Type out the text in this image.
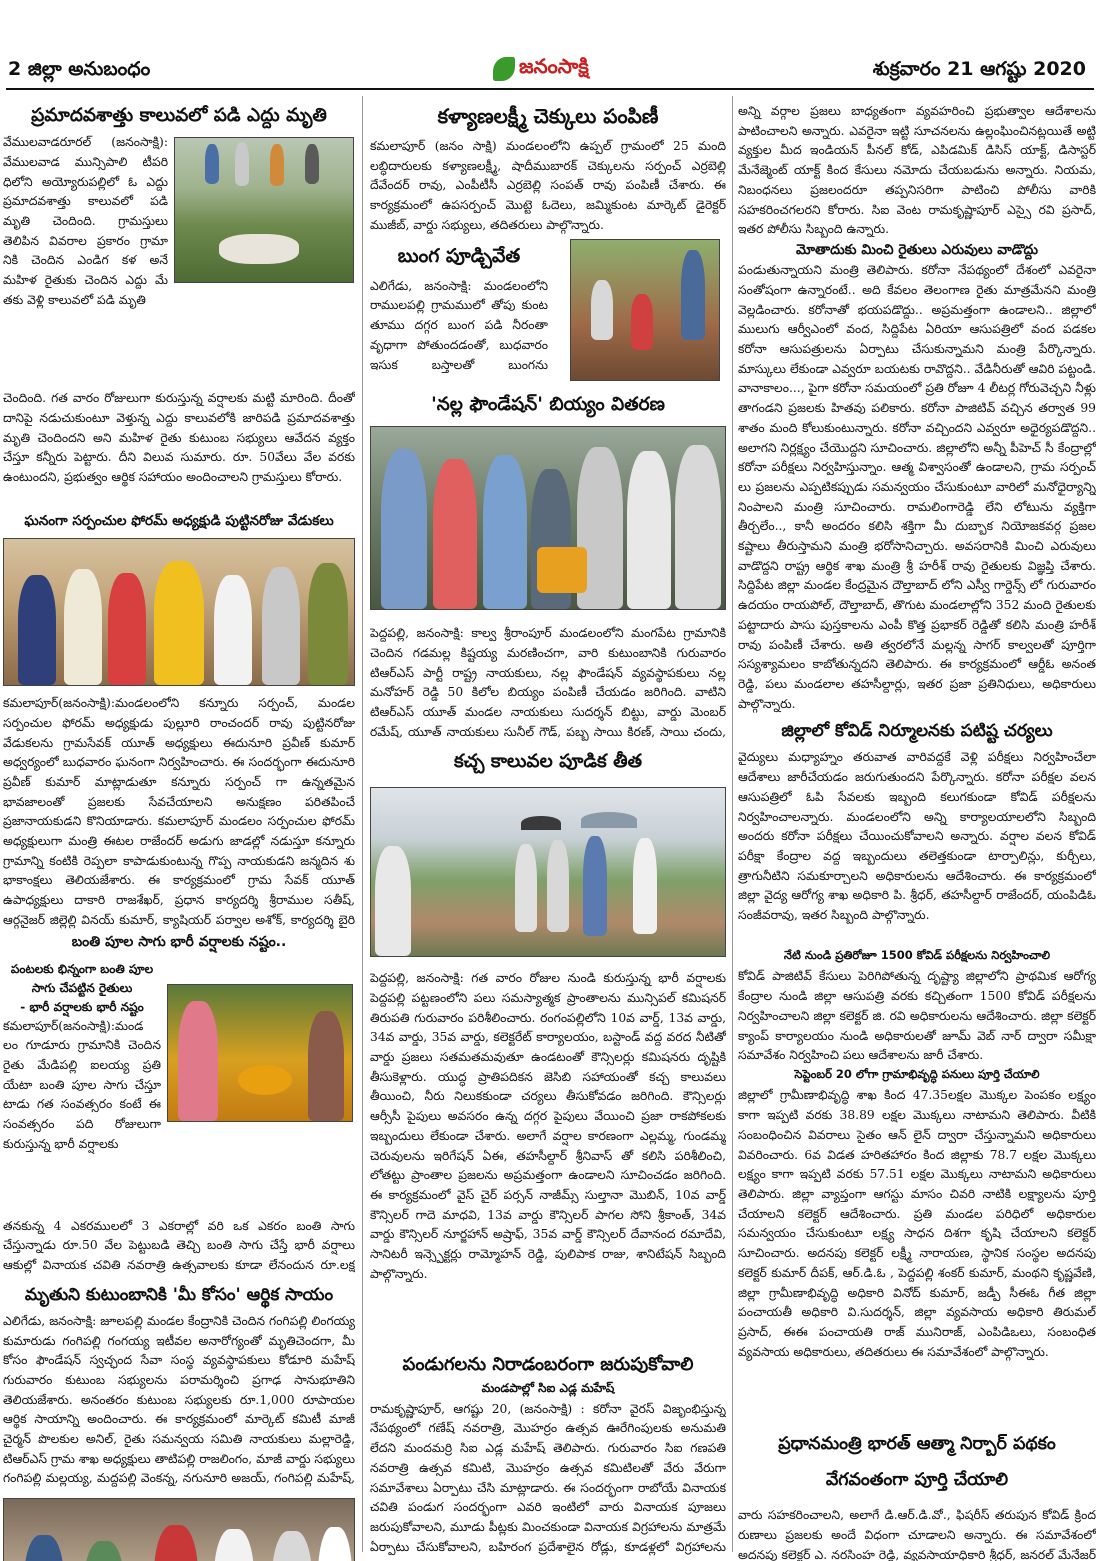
2 జిల్లా అనుబంధం	జనంసాక్షి	శుక్రవారం 21 ఆగష్టు 2020
ప్రమాదవశాత్తు కాలువలో పడి ఎద్దు మృతి

వేములవాడరూరల్ (జనంసాక్షి): వేములవాడ మున్సిపాలి టీపరి ధిలోని అయ్యోరుపల్లిలో ఓ ఎద్దు ప్రమాదవశాత్తు కాలువలో పడి మృతి చెందింది. గ్రామస్తులు తెలిపిన వివరాల ప్రకారం గ్రామా నికి చెందిన ఎండిగ కళ అనే మహిళ రైతుకు చెందిన ఎద్దు మే తకు వెళ్లి కాలువలో పడి మృతి

చెందింది. గత వారం రోజులుగా కురుస్తున్న వర్షాలకు మట్టి మారింది. దీంతో దానిపై నడుచుకుంటూ వెళ్తున్న ఎద్దు కాలువలోకి జారిపడి ప్రమాదవశాత్తు మృతి చెందిందని అని మహిళ రైతు కుటుంబ సభ్యులు ఆవేదన వ్యక్తం చేస్తూ కన్నీరు పెట్టారు. దీని విలువ సుమారు. రూ. 50వేలు వేల వరకు ఉంటుందని, ప్రభుత్వం ఆర్థిక సహాయం అందించాలని గ్రామస్తులు కోరారు.

ఘనంగా సర్పంచుల ఫోరమ్ అధ్యక్షుడి పుట్టినరోజు వేడుకలు

కమలాపూర్(జనంసాక్షి):మండలంలోని కన్నూరు సర్పంచ్, మండల సర్పంచుల ఫోరమ్ అధ్యక్షుడు పుల్లూరి రాంచందర్ రావు పుట్టినరోజు వేడుకలను గ్రామసేవక్ యూత్ అధ్యక్షులు ఈదునూరి ప్రవీణ్ కుమార్ అధ్వర్యంలో బుధవారం ఘనంగా నిర్వహించారు. ఈ సందర్భంగా ఈదునూరి ప్రవీణ్ కుమార్ మాట్లాడుతూ కన్నూరు సర్పంచ్ గా ఉన్నతమైన భావజాలంతో ప్రజలకు సేవచేయాలని అనుక్షణం పరితపించే ప్రజానాయకుడని కొనియాడారు. కమలాపూర్ మండలం సర్పంచుల ఫోరమ్ అధ్యక్షులుగా మంత్రి ఈటల రాజేందర్ అడుగు జాడల్లో నడుస్తూ కన్నూరు గ్రామాన్ని కంటికి రెప్పలా కాపాడుకుంటున్న గొప్ప నాయకుడని జన్మదిన శు భాకాంక్షలు తెలియజేశారు. ఈ కార్యక్రమంలో గ్రామ సేవక్ యూత్ ఉపాధ్యక్షులు దాకారి రాజశేఖర్, ప్రధాన కార్యదర్శి శ్రీరాముల సతీష్, ఆర్గనైజర్ జిల్లెల్లి వినయ్ కుమార్, క్యాషియర్ పర్వాల అశోక్, కార్యదర్శి బైరి

బంతి పూల సాగు భారీ వర్షాలకు నష్టం..
పంటలకు భిన్నంగా బంతి పూల సాగు చేపట్టిన రైతులు
- భారీ వర్షాలకు భారీ నష్టం

కమలాపూర్(జనంసాక్షి):మండ లం గూడూరు గ్రామానికి చెందిన రైతు మేడిపల్లి ఐలయ్య ప్రతి యేటా బంతి పూల సాగు చేస్తూ టాడు గత సంవత్సరం కంటే ఈ సంవత్సరం పది రోజులుగా కురుస్తున్న భారీ వర్షాలకు

తనకున్న 4 ఎకరములలో 3 ఎకరాల్లో వరి ఒక ఎకరం బంతి సాగు చేస్తున్నాడు రూ.50 వేల పెట్టుబడి తెచ్చి బంతి సాగు చేస్తే భారీ వర్షాలు ఆకుల్లో వినాయక చవితి నవరాత్రి ఉత్సవాలకు కూడా లేనందున రూ.లక్ష

మృతుని కుటుంబానికి 'మీ కోసం' ఆర్థిక సాయం

ఎలిగేడు, జనంసాక్షి: జూలపల్లి మండల కేంద్రానికి చెందిన గంగిపల్లి లింగయ్య కుమారుడు గంగిపల్లి గంగయ్య ఇటీవల అనారోగ్యంతో మృతిచెందగా, మీ కోసం ఫౌండేషన్ స్వచ్ఛంద సేవా సంస్థ వ్యవస్థాపకులు కోడూరి మహేష్ గురువారం కుటుంబ సభ్యులను పరామర్శించి ప్రగాఢ సానుభూతిని తెలియజేశారు. అనంతరం కుటుంబ సభ్యులకు రూ.1,000 రూపాయల ఆర్థిక సాయాన్ని అందించారు. ఈ కార్యక్రమంలో మార్కెట్ కమిటీ మాజీ చైర్మన్ పొలకుల అనిల్, రైతు సమన్వయ సమితి నాయకులు మల్లారెడ్డి, టిఆర్ఎస్ గ్రామ శాఖ అధ్యక్షులు తాటిపల్లి రాజలింగం, మాజీ వార్డు సభ్యులు గంగిపల్లి మల్లయ్య, మద్దపల్లి వెంకన్న, నగునూరి అజయ్, గంగిపల్లి మహేష్,

కళ్యాణలక్ష్మీ చెక్కులు పంపిణీ

కమలాపూర్ (జనం సాక్షి) మండలంలోని ఉప్పల్ గ్రామంలో 25 మంది లబ్ధిదారులకు కళ్యాణలక్ష్మీ, షాదీముబారక్ చెక్కులను సర్పంచ్ ఎర్రబెల్లి దేవేందర్ రావు, ఎంపీటీసీ ఎర్రబెల్లి సంపత్ రావు పంపిణీ చేశారు. ఈ కార్యక్రమంలో ఉపసర్పంచ్ మొట్టె ఓదెలు, జమ్మికుంట మార్కెట్ డైరెక్టర్ ముజీబ్, వార్డు సభ్యులు, తదితరులు పాల్గొన్నారు.

బుంగ పూడ్చివేత

ఎలిగేడు, జనంసాక్షి: మండలంలోని రాములపల్లి గ్రామములో తోపు కుంట తూము దగ్గర బుంగ పడి నీరంతా వృధాగా పోతుందడంతో, బుధవారం ఇసుక బస్తాలతో బుంగను

'నల్ల ఫౌండేషన్' బియ్యం వితరణ

పెద్దపల్లి, జనంసాక్షి: కాల్వ శ్రీరాంపూర్ మండలంలోని మంగపేట గ్రామానికి చెందిన గడమల్ల కిష్టయ్య మరణించగా, వారి కుటుంబానికి గురువారం టిఆర్ఎస్ పార్టీ రాష్ట్ర నాయకులు, నల్ల ఫౌండేషన్ వ్యవస్థాపకులు నల్ల మనోహర్ రెడ్డి 50 కిలోల బియ్యం పంపిణీ చేయడం జరిగింది. వాటిని టిఆర్ఎస్ యూత్ మండల నాయకులు సుదర్శన్ బిట్టు, వార్డు మెంబర్ రమేష్, యూత్ నాయకులు సునీల్ గౌడ్, పబ్బ సాయి కిరణ్, సాయి చందు,

కచ్చ కాలువల పూడిక తీత

పెద్దపల్లి, జనంసాక్షి: గత వారం రోజుల నుండి కురుస్తున్న భారీ వర్షాలకు పెద్దపల్లి పట్టణంలోని పలు సమస్యాత్మక ప్రాంతాలను మున్సిపల్ కమిషనర్ తిరుపతి గురువారం పరిశీలించారు. రంగంపల్లిలోని 10వ వార్డ్, 13వ వార్డు, 34వ వార్డు, 35వ వార్డు, కలెక్టరేట్ కార్యాలయం, బస్టాండ్ వద్ద వరద నీటితో వార్డు ప్రజలు సతమతమవుతూ ఉండటంతో కౌన్సిలర్లు కమిషనరు దృష్టికి తీసుకెళ్లారు. యుద్ధ ప్రాతిపదికన జెసిబి సహాయంతో కచ్చ కాలువలు తీయించి, నీరు నిలుకకుండా చర్యలు తీసుకోవడం జరిగింది. కౌన్సిలర్లు ఆర్సీసీ పైపులు అవసరం ఉన్న దగ్గర పైపులు వేయించి ప్రజా రాకపోకలకు ఇబ్బందులు లేకుండా చేశారు. అలాగే వర్షాల కారణంగా ఎల్లమ్మ, గుండమ్మ చెరువులను ఇరిగేషన్ ఏఈ, తహసీల్దార్ శ్రీనివాస్ తో కలిసి పరిశీలించి, లోతట్టు ప్రాంతాల ప్రజలను అప్రమత్తంగా ఉండాలని సూచించడం జరిగింది. ఈ కార్యక్రమంలో వైస్ చైర్ పర్సన్ నాజీమ్స్ సుల్తానా మొబిన్, 10వ వార్డ్ కౌన్సిలర్ గాదె మాధవి, 13వ వార్డు కౌన్సిలర్ పాగల సోని శ్రీకాంత్, 34వ వార్డు కౌన్సిలర్ నూర్జహాన్ అష్రాఫ్, 35వ వార్డ్ కౌన్సిలర్ దేవానంద రమాదేవి, సానిటరీ ఇన్స్పెక్టర్లు రామ్మోహన్ రెడ్డి, పులిపాక రాజు, శానిటేషన్ సిబ్బంది పాల్గొన్నారు.

పండుగలను నిరాడంబరంగా జరుపుకోవాలి
మండపాల్లో సిఐ ఎడ్ల మహేష్

రామకృష్ణాపూర్, ఆగష్టు 20, (జనంసాక్షి) : కరోనా వైరస్ విజృంభిస్తున్న నేపథ్యంలో గణేష్ నవరాత్రి, మొహర్రం ఉత్సవ ఊరేగింపులకు అనుమతి లేదని మందమర్రి సిఐ ఎడ్ల మహేష్ తెలిపారు. గురువారం సిఐ గణపతి నవరాత్రి ఉత్సవ కమిటి, మొహర్రం ఉత్సవ కమిటిలతో వేరు వేరుగా సమావేశాలు ఏర్పాటు చేసి మాట్లాడారు. ఈ సందర్భంగా రాబోయే వినాయక చవితి పండుగ సందర్భంగా ఎవరి ఇంటిలో వారు వినాయక పూజలు జరుపుకోవాలని, మూడు పీట్లకు మించకుండా వినాయక విగ్రహాలను మాత్రమే ఏర్పాటు చేసుకోవాలని, బహిరంగ ప్రదేశాలైన రోడ్లు, కూడళ్లలో విగ్రహాలను

అన్ని వర్గాల ప్రజలు బాధ్యతంగా వ్యవహరించి ప్రభుత్వాల ఆదేశాలను పాటించాలని అన్నారు. ఎవరైనా ఇట్టి సూచనలను ఉల్లంఘించినట్లయితే అట్టి వ్యక్తుల మీద ఇండియన్ పీనల్ కోడ్, ఎపిడమిక్ డిసిస్ యాక్ట్, డిసాస్టర్ మేనేజ్మెంట్ యాక్ట్ కింద కేసులు నమోదు చేయబడును అన్నారు. నియమ, నిబంధనలు ప్రజలందరూ తప్పనిసరిగా పాటించి పోలీసు వారికి సహకరించగలరని కోరారు. సిఐ వెంట రామకృష్ణాపూర్ ఎస్సై రవి ప్రసాద్, ఇతర పోలీసు సిబ్బంది ఉన్నారు.

మోతాదుకు మించి రైతులు ఎరువులు వాడొద్దు

పండుతున్నాయని మంత్రి తెలిపారు. కరోనా నేపథ్యంలో దేశంలో ఎవరైనా సంతోషంగా ఉన్నారంటే.. అది కేవలం తెలంగాణ రైతు మాత్రమేనని మంత్రి వెల్లడించారు. కరోనాతో భయపడొద్దు.. అప్రమత్తంగా ఉండాలని.. జిల్లాలో ములుగు ఆర్వీఎంలో వంద, సిద్దిపేట ఏరియా ఆసుపత్రిలో వంద పడకల కరోనా ఆసుపత్రులను ఏర్పాటు చేసుకున్నామని మంత్రి పేర్కొన్నారు. మాస్కులు లేకుండా ఎవ్వరూ బయటకు రావొద్దని.. వేడినీరుతో ఆవిరి పట్టండి. వానాకాలం..., పైగా కరోనా సమయంలో ప్రతి రోజూ 4 లీటర్ల గోరువెచ్చని నీళ్లు తాగండని ప్రజలకు హితవు పలికారు. కరోనా పాజిటివ్ వచ్చిన తర్వాత 99 శాతం మంది కోలుకుంటున్నారు. కరోనా వచ్చిందని ఎవ్వరూ అధైర్యపడొద్దని.. అలాగని నిర్లక్ష్యం చేయొద్దని సూచించారు. జిల్లాలోని అన్నీ పీహెచ్ సీ కేంద్రాల్లో కరోనా పరీక్షలు నిర్వహిస్తున్నాం. ఆత్మ విశ్వాసంతో ఉండాలని, గ్రామ సర్పంచ్ లు ప్రజలను ఎప్పటికప్పుడు సమన్వయం చేసుకుంటూ వారిలో మనోధైర్యాన్ని నింపాలని మంత్రి సూచించారు. రామలింగారెడ్డి లేని లోటును వ్యక్తిగా తీర్చలేం.., కానీ అందరం కలిసి శక్తిగా మీ దుబ్బాక నియోజకవర్గ ప్రజల కష్టాలు తీరుస్తామని మంత్రి భరోసానిచ్చారు. అవసరానికి మించి ఎరువులు వాడొద్దని రాష్ట్ర ఆర్థిక శాఖ మంత్రి శ్రీ హరీశ్ రావు రైతులకు విజ్ఞప్తి చేశారు. సిద్దిపేట జిల్లా మండల కేంద్రమైన దౌల్తాబాద్ లోని ఎస్వీ గార్డెన్స్ లో గురువారం ఉదయం రాయపోల్, దౌల్తాబాద్, తొగుట మండలాల్లోని 352 మంది రైతులకు పట్టాదారు పాసు పుస్తకాలను ఎంపీ కొత్త ప్రభాకర్ రెడ్డితో కలిసి మంత్రి హరీశ్ రావు పంపిణీ చేశారు. అతి త్వరలోనే మల్లన్న సాగర్ కాల్వలతో పూర్తిగా సస్యశ్యామలం కాబోతున్నదని తెలిపారు. ఈ కార్యక్రమంలో ఆర్డీఓ అనంత రెడ్డి, పలు మండలాల తహసీల్దార్లు, ఇతర ప్రజా ప్రతినిధులు, అధికారులు పాల్గొన్నారు.

జిల్లాలో కోవిడ్ నిర్మూలనకు పటిష్ట చర్యలు

వైద్యులు మధ్యాహ్నం తరువాత వారివద్దకే వెళ్లి పరీక్షలు నిర్వహించేలా ఆదేశాలు జారీచేయడం జరుగుతుందని పేర్కొన్నారు. కరోనా పరీక్షల వలన ఆసుపత్రిలో ఓపి సేవలకు ఇబ్బంది కలుగకుండా కోవిడ్ పరీక్షలను నిర్వహించాలన్నారు. మండలంలోని అన్ని కార్యాలయాలలోని సిబ్బంది అందరు కరోనా పరీక్షలు చేయించుకోవాలని అన్నారు. వర్షాల వలన కోవిడ్ పరీక్షా కేంద్రాల వద్ద ఇబ్బందులు తలెత్తకుండా టార్పాలిన్లు, కుర్చీలు, త్రాగునీటిని సమకూర్చాలని అధికారులను ఆదేశించారు. ఈ కార్యక్రమంలో జిల్లా వైద్య ఆరోగ్య శాఖ అధికారి పి. శ్రీధర్, తహసీల్దార్ రాజేందర్, యంపిడిఓ సంజీవరావు, ఇతర సిబ్బంది పాల్గొన్నారు.

నేటి నుండి ప్రతిరోజూ 1500 కోవిడ్ పరీక్షలను నిర్వహించాలి

కోవిడ్ పాజిటివ్ కేసులు పెరిగిపోతున్న దృష్ట్యా జిల్లాలోని ప్రాథమిక ఆరోగ్య కేంద్రాల నుండి జిల్లా ఆసుపత్రి వరకు కచ్చితంగా 1500 కోవిడ్ పరీక్షలను నిర్వహించాలని జిల్లా కలెక్టర్ జి. రవి అధికారులను ఆదేశించారు. జిల్లా కలెక్టర్ క్యాంప్ కార్యాలయం నుండి అధికారులతో జూమ్ వెబ్ నార్ ద్వారా సమీక్షా సమావేశం నిర్వహించి పలు ఆదేశాలను జారీ చేశారు.

సెప్టెంబర్ 20 లోగా గ్రామాభివృద్ధి పనులు పూర్తి చేయాలి

జిల్లాలో గ్రామీణాభివృద్ధి శాఖ కింద 47.35లక్షల మొక్కల పెంపకం లక్ష్యం కాగా ఇప్పటి వరకు 38.89 లక్షల మొక్కలు నాటామని తెలిపారు. వీటికి సంబంధించిన వివరాలు సైతం ఆన్ లైన్ ద్వారా చేస్తున్నామని అధికారులు వివరించారు. 6వ విడత హరితహారం కింద జిల్లాకు 78.7 లక్షల మొక్కలు లక్ష్యం కాగా ఇప్పటి వరకు 57.51 లక్షల మొక్కలు నాటామని అధికారులు తెలిపారు. జిల్లా వ్యాప్తంగా ఆగస్టు మాసం చివరి నాటికి లక్ష్యాలను పూర్తి చేయాలని కలెక్టర్ ఆదేశించారు. ప్రతి మండల పరిధిలో అధికారుల సమన్వయం చేసుకుంటూ లక్ష్య సాధన దిశగా కృషి చేయాలని కలెక్టర్ సూచించారు. అదనపు కలెక్టర్ లక్ష్మీ నారాయణ, స్థానిక సంస్థల అదనపు కలెక్టర్ కుమార్ దీపక్, ఆర్.డి.ఓ , పెద్దపల్లి శంకర్ కుమార్, మంథని కృష్ణవేణి, జిల్లా గ్రామీణాభివృద్ధి అధికారి వినోద్ కుమార్, జడ్పీ సీఈఓ గీత జిల్లా పంచాయతీ అధికారి వి.సుదర్శన్, జిల్లా వ్యవసాయ అధికారి తిరుమల్ ప్రసాద్, ఈఈ పంచాయతి రాజ్ మునిరాజ్, ఎంపిడిఒలు, సంబంధిత వ్యవసాయ అధికారులు, తదితరులు ఈ సమావేశంలో పాల్గొన్నారు.

ప్రధానమంత్రి భారత్ ఆత్మా నిర్బార్ పథకం వేగవంతంగా పూర్తి చేయాలి

వారు సహకరించాలని, అలాగే డి.ఆర్.డి.వో., ఫిషరీస్ తరుపున కోవిడ్ క్రింద రుణాలు ప్రజలకు అందే విధంగా చూడాలని అన్నారు. ఈ సమావేశంలో అదనపు కలెక్టర్ ఎ. నరసింహ రెడ్డి, వ్యవసాయాధికారి శ్రీధర్, జనరల్ మేనేజర్
